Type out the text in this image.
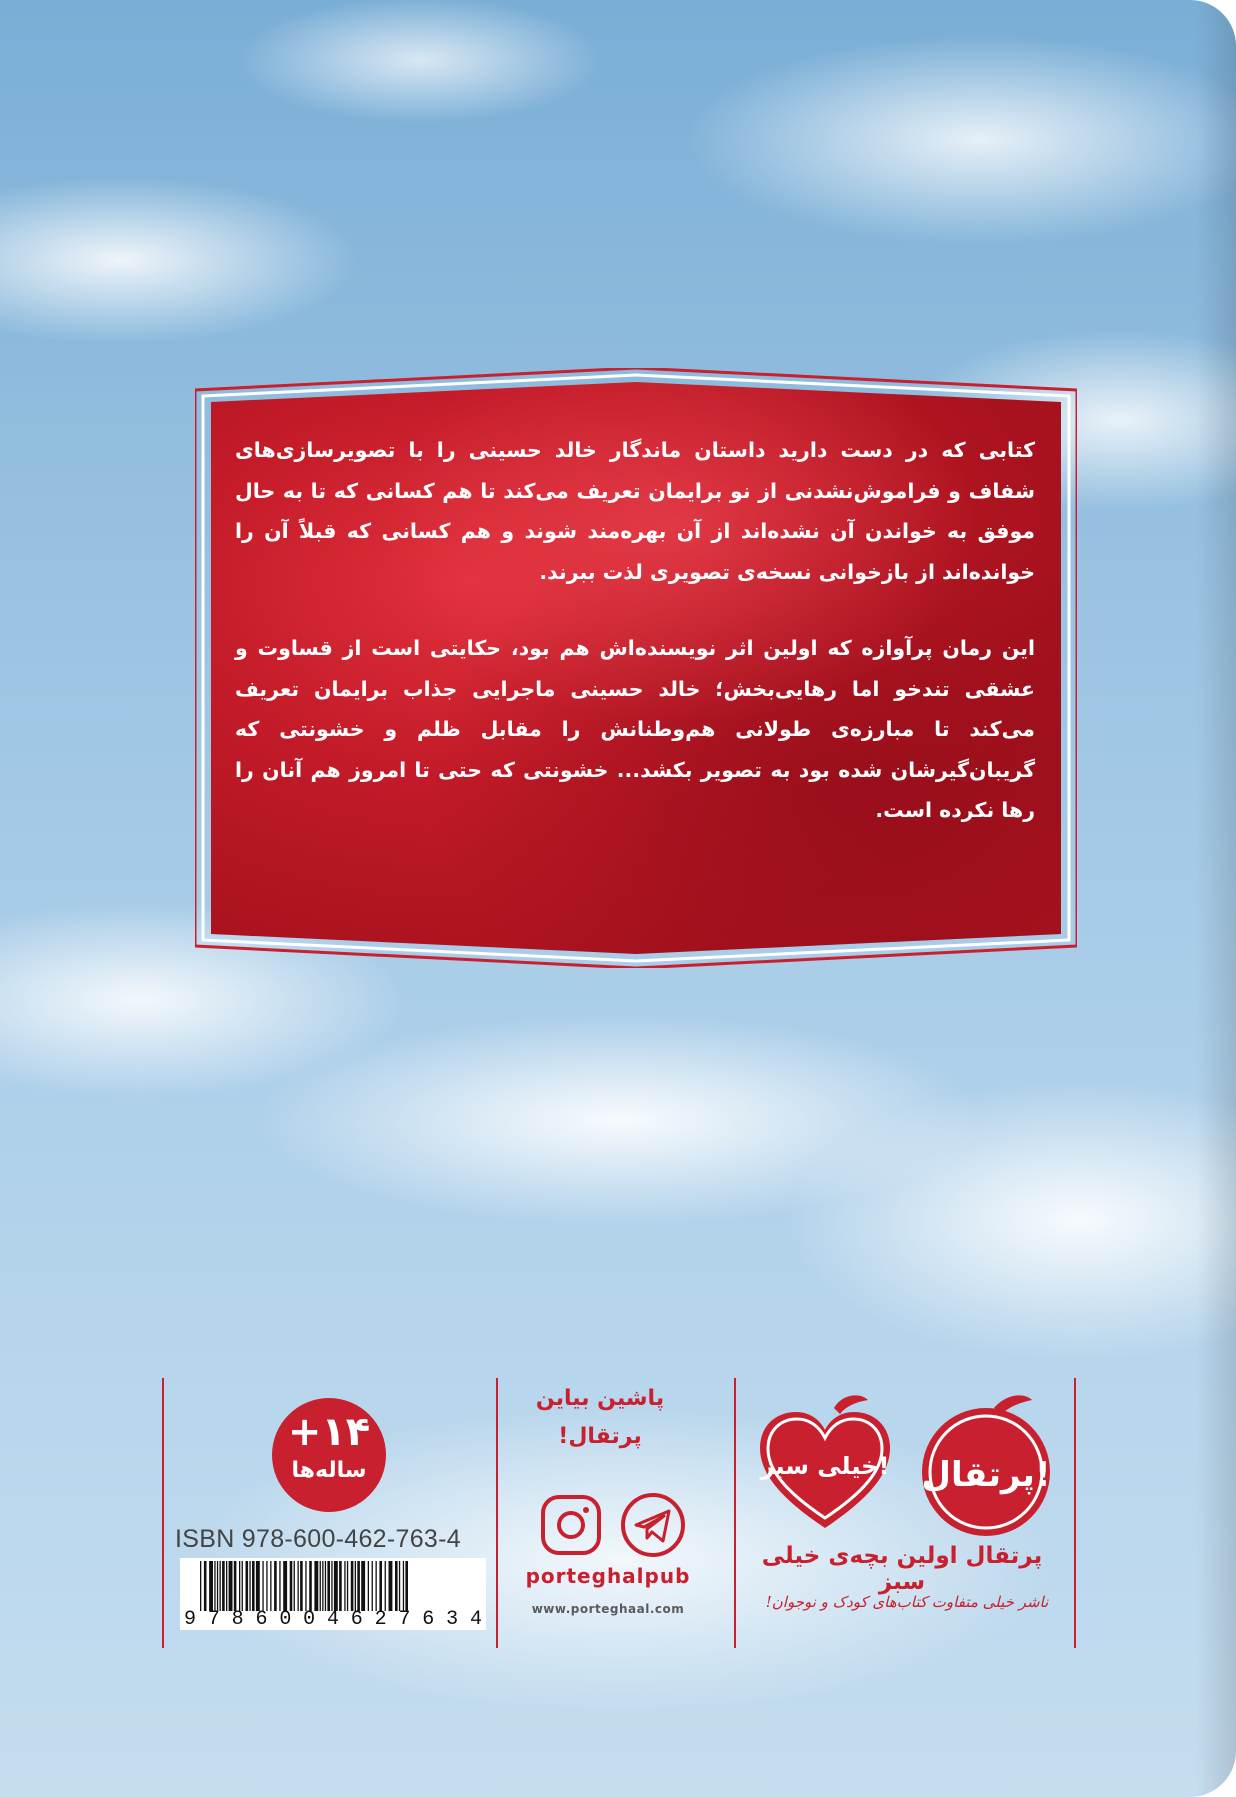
کتابی که در دست دارید داستان ماندگار خالد حسینی را با تصویرسازی‌های شفاف و فراموش‌نشدنی از نو برایمان تعریف می‌کند تا هم کسانی که تا به حال موفق به خواندن آن نشده‌اند از آن بهره‌مند شوند و هم کسانی که قبلاً آن را خوانده‌اند از بازخوانی نسخه‌ی تصویری لذت ببرند.

این رمان پرآوازه که اولین اثر نویسنده‌اش هم بود، حکایتی است از قساوت و عشقی تندخو اما رهایی‌بخش؛ خالد حسینی ماجرایی جذاب برایمان تعریف می‌کند تا مبارزه‌ی طولانی هم‌وطنانش را مقابل ظلم و خشونتی که گریبان‌گیرشان شده بود به تصویر بکشد... خشونتی که حتی تا امروز هم آنان را رها نکرده است.

پرتقال!
خیلی سبز!
پرتقال اولین بچه‌ی خیلی سبز
ناشر خیلی متفاوت کتاب‌های کودک و نوجوان!
پاشین بیاین
پرتقال!
porteghalpub
www.porteghaal.com
+۱۴
ساله‌ها
ISBN 978-600-462-763-4
9 7 8 6 0 0 4 6 2 7 6 3 4
